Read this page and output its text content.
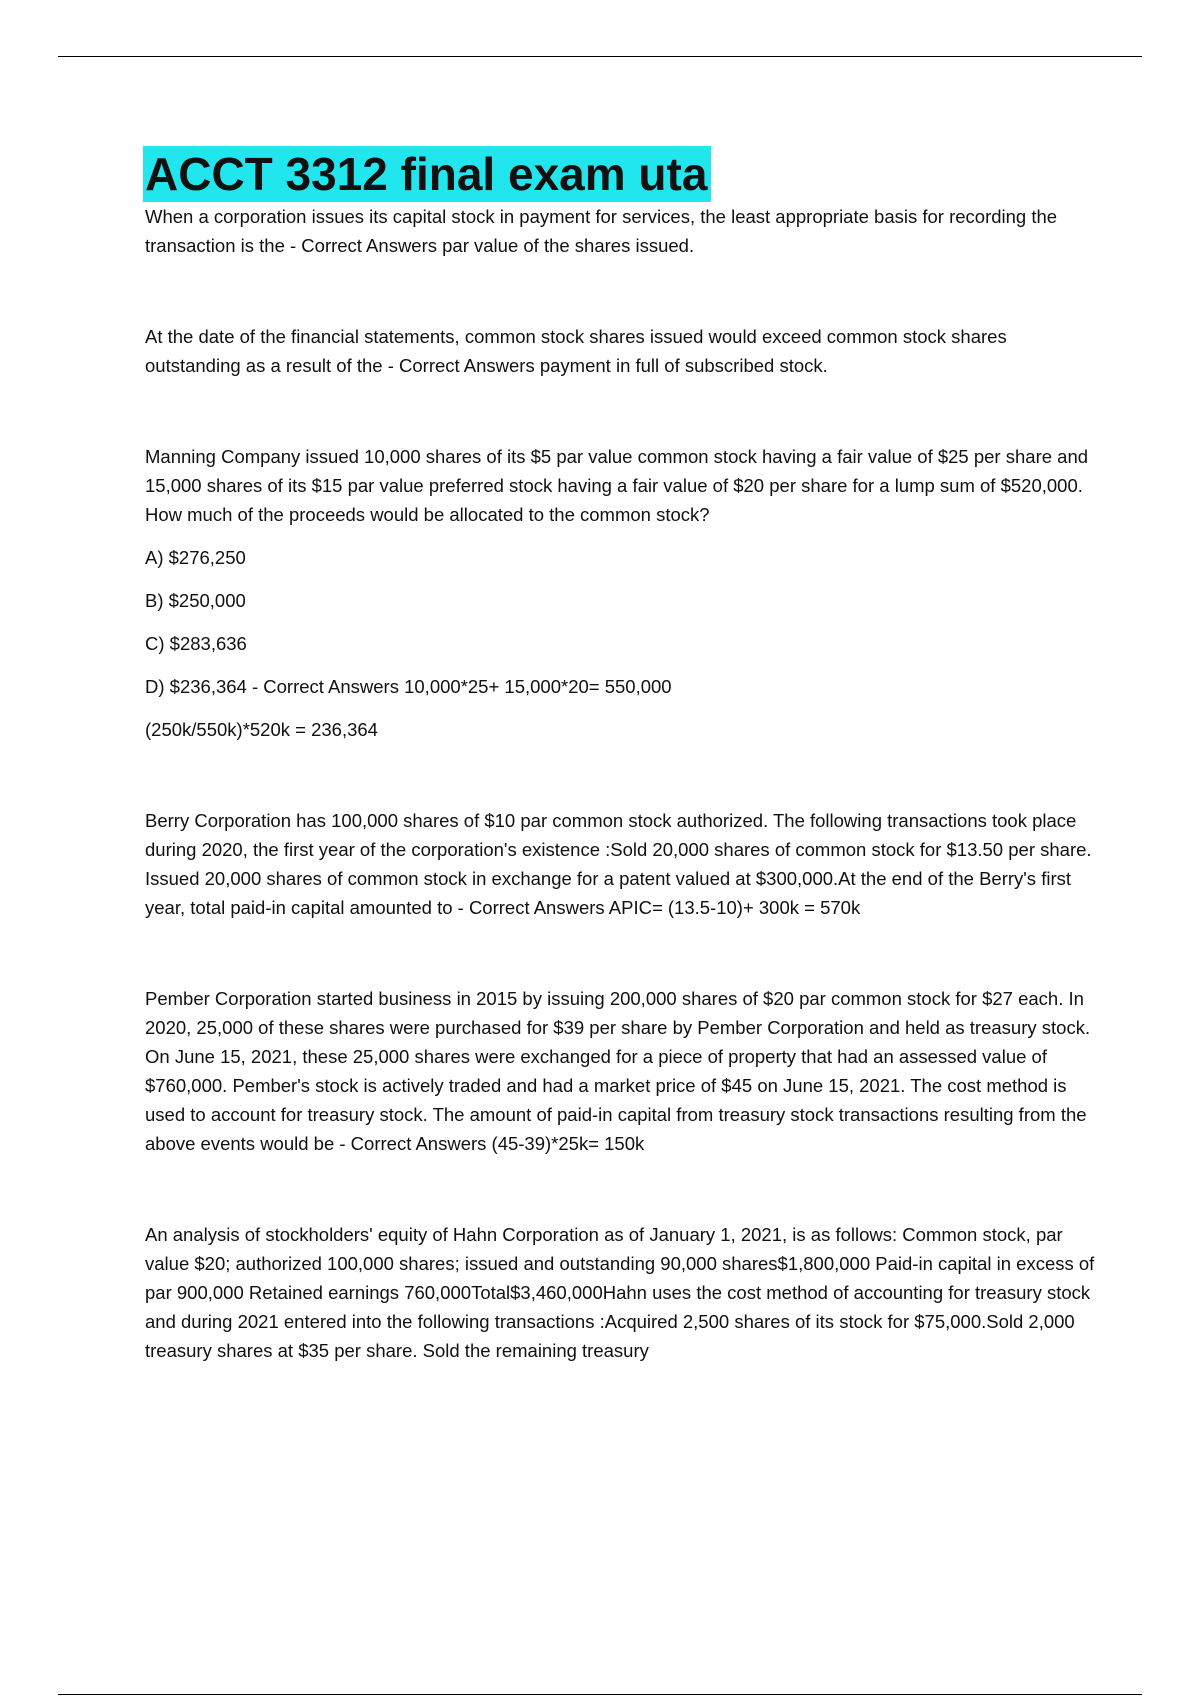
ACCT 3312 final exam uta

When a corporation issues its capital stock in payment for services, the least appropriate basis for recording the transaction is the - Correct Answers par value of the shares issued.

At the date of the financial statements, common stock shares issued would exceed common stock shares outstanding as a result of the - Correct Answers payment in full of subscribed stock.

Manning Company issued 10,000 shares of its $5 par value common stock having a fair value of $25 per share and 15,000 shares of its $15 par value preferred stock having a fair value of $20 per share for a lump sum of $520,000. How much of the proceeds would be allocated to the common stock?

A) $276,250

B) $250,000

C) $283,636

D) $236,364 - Correct Answers 10,000*25+ 15,000*20= 550,000

(250k/550k)*520k = 236,364

Berry Corporation has 100,000 shares of $10 par common stock authorized. The following transactions took place during 2020, the first year of the corporation's existence :Sold 20,000 shares of common stock for $13.50 per share. Issued 20,000 shares of common stock in exchange for a patent valued at $300,000.At the end of the Berry's first year, total paid-in capital amounted to - Correct Answers APIC= (13.5-10)+ 300k = 570k

Pember Corporation started business in 2015 by issuing 200,000 shares of $20 par common stock for $27 each. In 2020, 25,000 of these shares were purchased for $39 per share by Pember Corporation and held as treasury stock. On June 15, 2021, these 25,000 shares were exchanged for a piece of property that had an assessed value of $760,000. Pember's stock is actively traded and had a market price of $45 on June 15, 2021. The cost method is used to account for treasury stock. The amount of paid-in capital from treasury stock transactions resulting from the above events would be - Correct Answers (45-39)*25k= 150k

An analysis of stockholders' equity of Hahn Corporation as of January 1, 2021, is as follows: Common stock, par value $20; authorized 100,000 shares; issued and outstanding 90,000 shares$1,800,000 Paid-in capital in excess of par 900,000 Retained earnings 760,000Total$3,460,000Hahn uses the cost method of accounting for treasury stock and during 2021 entered into the following transactions :Acquired 2,500 shares of its stock for $75,000.Sold 2,000 treasury shares at $35 per share. Sold the remaining treasury
